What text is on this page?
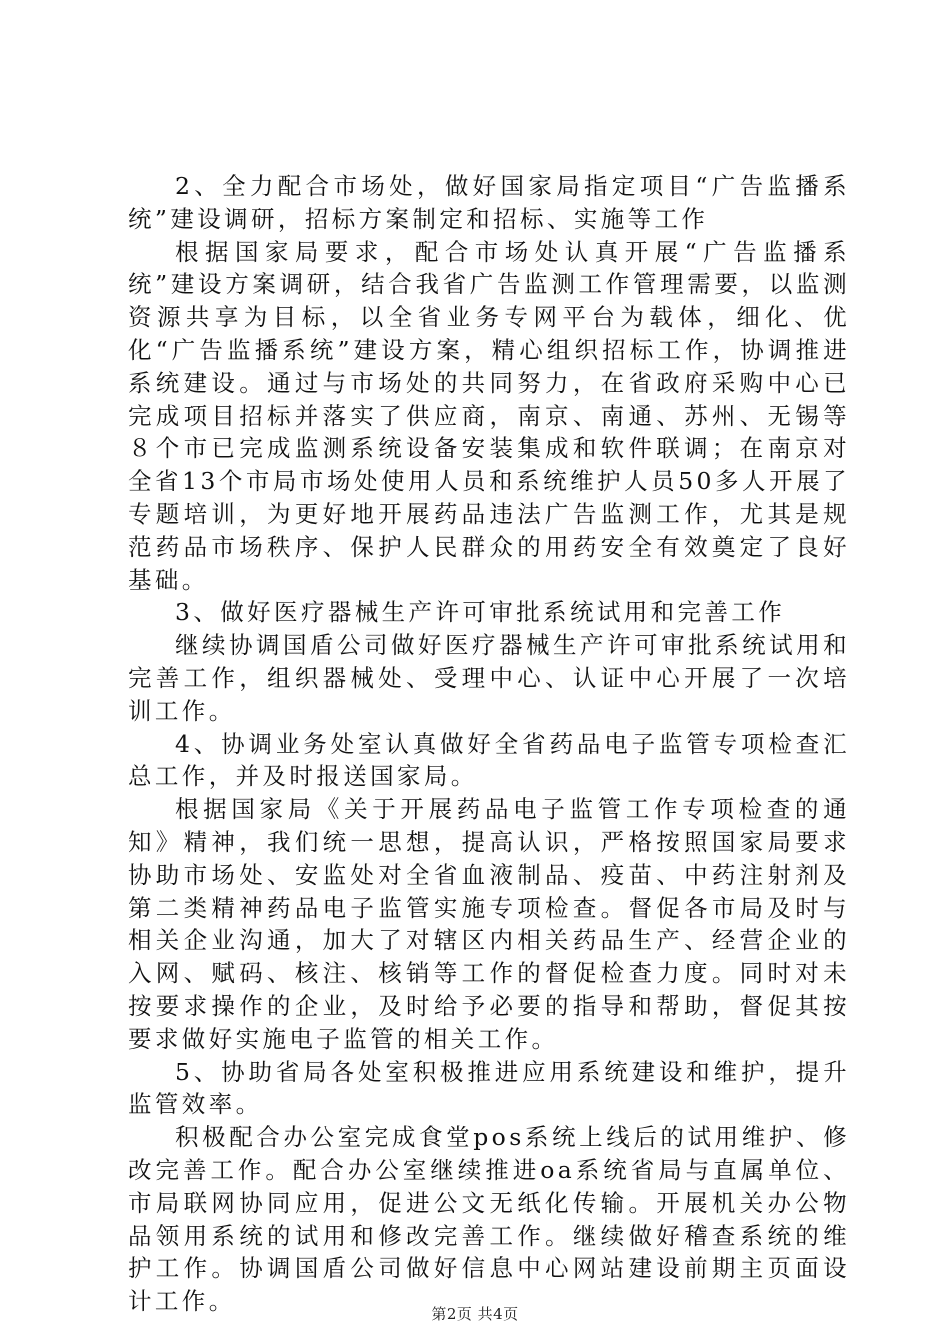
2、全力配合市场处，做好国家局指定项目“广告监播系统”建设调研，招标方案制定和招标、实施等工作

根据国家局要求，配合市场处认真开展“广告监播系统”建设方案调研，结合我省广告监测工作管理需要，以监测资源共享为目标，以全省业务专网平台为载体，细化、优化“广告监播系统”建设方案，精心组织招标工作，协调推进系统建设。通过与市场处的共同努力，在省政府采购中心已完成项目招标并落实了供应商，南京、南通、苏州、无锡等８个市已完成监测系统设备安装集成和软件联调；在南京对全省13个市局市场处使用人员和系统维护人员50多人开展了专题培训，为更好地开展药品违法广告监测工作，尤其是规范药品市场秩序、保护人民群众的用药安全有效奠定了良好基础。

3、做好医疗器械生产许可审批系统试用和完善工作

继续协调国盾公司做好医疗器械生产许可审批系统试用和完善工作，组织器械处、受理中心、认证中心开展了一次培训工作。

4、协调业务处室认真做好全省药品电子监管专项检查汇总工作，并及时报送国家局。

根据国家局《关于开展药品电子监管工作专项检查的通知》精神，我们统一思想，提高认识，严格按照国家局要求协助市场处、安监处对全省血液制品、疫苗、中药注射剂及第二类精神药品电子监管实施专项检查。督促各市局及时与相关企业沟通，加大了对辖区内相关药品生产、经营企业的入网、赋码、核注、核销等工作的督促检查力度。同时对未按要求操作的企业，及时给予必要的指导和帮助，督促其按要求做好实施电子监管的相关工作。

5、协助省局各处室积极推进应用系统建设和维护，提升监管效率。

积极配合办公室完成食堂pos系统上线后的试用维护、修改完善工作。配合办公室继续推进oa系统省局与直属单位、市局联网协同应用，促进公文无纸化传输。开展机关办公物品领用系统的试用和修改完善工作。继续做好稽查系统的维护工作。协调国盾公司做好信息中心网站建设前期主页面设计工作。	第2页 共4页
